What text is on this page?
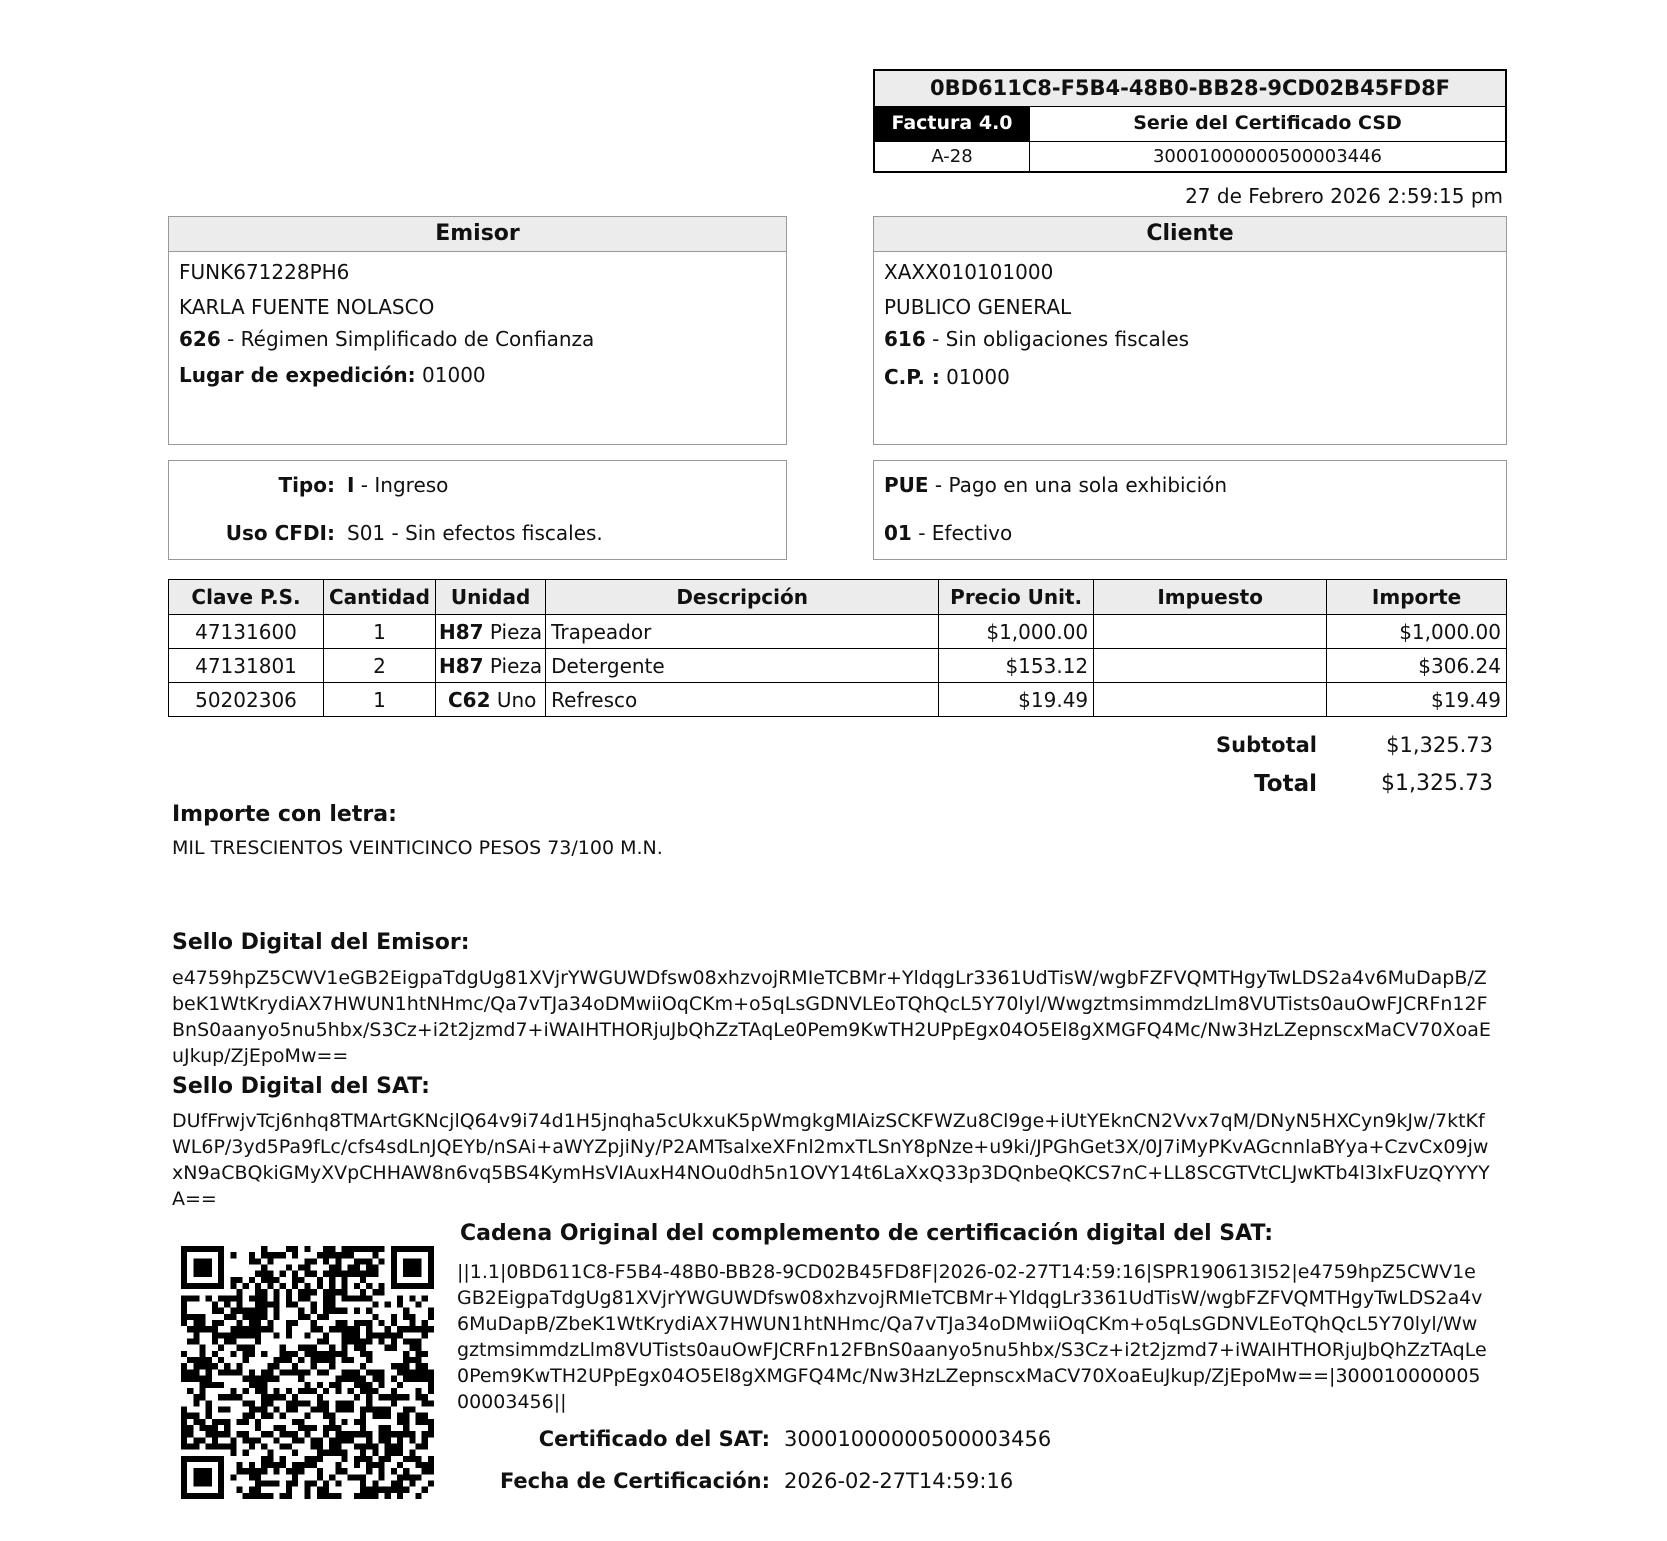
0BD611C8-F5B4-48B0-BB28-9CD02B45FD8F
Factura 4.0	Serie del Certificado CSD
A-28	30001000000500003446
27 de Febrero 2026 2:59:15 pm
Emisor
FUNK671228PH6
KARLA FUENTE NOLASCO
626 - Régimen Simplificado de Confianza
Lugar de expedición: 01000
Cliente
XAXX010101000
PUBLICO GENERAL
616 - Sin obligaciones fiscales
C.P. : 01000
Tipo: I - Ingreso
Uso CFDI: S01 - Sin efectos fiscales.
PUE - Pago en una sola exhibición
01 - Efectivo
Clave P.S.	Cantidad	Unidad	Descripción	Precio Unit.	Impuesto	Importe
47131600	1	H87 Pieza	Trapeador	$1,000.00		$1,000.00
47131801	2	H87 Pieza	Detergente	$153.12		$306.24
50202306	1	C62 Uno	Refresco	$19.49		$19.49
Subtotal	$1,325.73
Total	$1,325.73
Importe con letra:
MIL TRESCIENTOS VEINTICINCO PESOS 73/100 M.N.
Sello Digital del Emisor:
e4759hpZ5CWV1eGB2EigpaTdgUg81XVjrYWGUWDfsw08xhzvojRMIeTCBMr+YldqgLr3361UdTisW/wgbFZFVQMTHgyTwLDS2a4v6MuDapB/ZbeK1WtKrydiAX7HWUN1htNHmc/Qa7vTJa34oDMwiiOqCKm+o5qLsGDNVLEoTQhQcL5Y70lyl/WwgztmsimmdzLlm8VUTists0auOwFJCRFn12FBnS0aanyo5nu5hbx/S3Cz+i2t2jzmd7+iWAIHTHORjuJbQhZzTAqLe0Pem9KwTH2UPpEgx04O5El8gXMGFQ4Mc/Nw3HzLZepnscxMaCV70XoaEuJkup/ZjEpoMw==
Sello Digital del SAT:
DUfFrwjvTcj6nhq8TMArtGKNcjlQ64v9i74d1H5jnqha5cUkxuK5pWmgkgMIAizSCKFWZu8Cl9ge+iUtYEknCN2Vvx7qM/DNyN5HXCyn9kJw/7ktKfWL6P/3yd5Pa9fLc/cfs4sdLnJQEYb/nSAi+aWYZpjiNy/P2AMTsalxeXFnl2mxTLSnY8pNze+u9ki/JPGhGet3X/0J7iMyPKvAGcnnlaBYya+CzvCx09jwxN9aCBQkiGMyXVpCHHAW8n6vq5BS4KymHsVIAuxH4NOu0dh5n1OVY14t6LaXxQ33p3DQnbeQKCS7nC+LL8SCGTVtCLJwKTb4l3lxFUzQYYYYA==
Cadena Original del complemento de certificación digital del SAT:
||1.1|0BD611C8-F5B4-48B0-BB28-9CD02B45FD8F|2026-02-27T14:59:16|SPR190613I52|e4759hpZ5CWV1eGB2EigpaTdgUg81XVjrYWGUWDfsw08xhzvojRMIeTCBMr+YldqgLr3361UdTisW/wgbFZFVQMTHgyTwLDS2a4v6MuDapB/ZbeK1WtKrydiAX7HWUN1htNHmc/Qa7vTJa34oDMwiiOqCKm+o5qLsGDNVLEoTQhQcL5Y70lyl/WwgztmsimmdzLlm8VUTists0auOwFJCRFn12FBnS0aanyo5nu5hbx/S3Cz+i2t2jzmd7+iWAIHTHORjuJbQhZzTAqLe0Pem9KwTH2UPpEgx04O5El8gXMGFQ4Mc/Nw3HzLZepnscxMaCV70XoaEuJkup/ZjEpoMw==|30001000000500003456||
Certificado del SAT: 30001000000500003456
Fecha de Certificación: 2026-02-27T14:59:16
